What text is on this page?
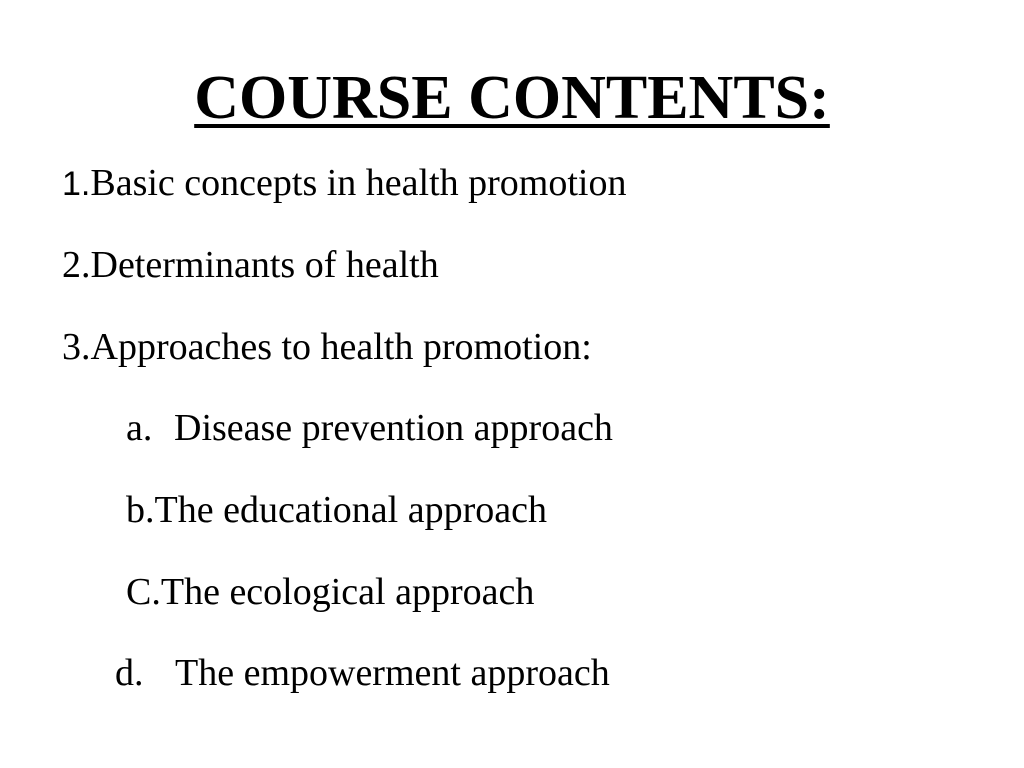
COURSE CONTENTS:
1.Basic concepts in health promotion
2.Determinants of health
3.Approaches to health promotion:
a. Disease prevention approach
b.The educational approach
C.The ecological approach
d. The empowerment approach
